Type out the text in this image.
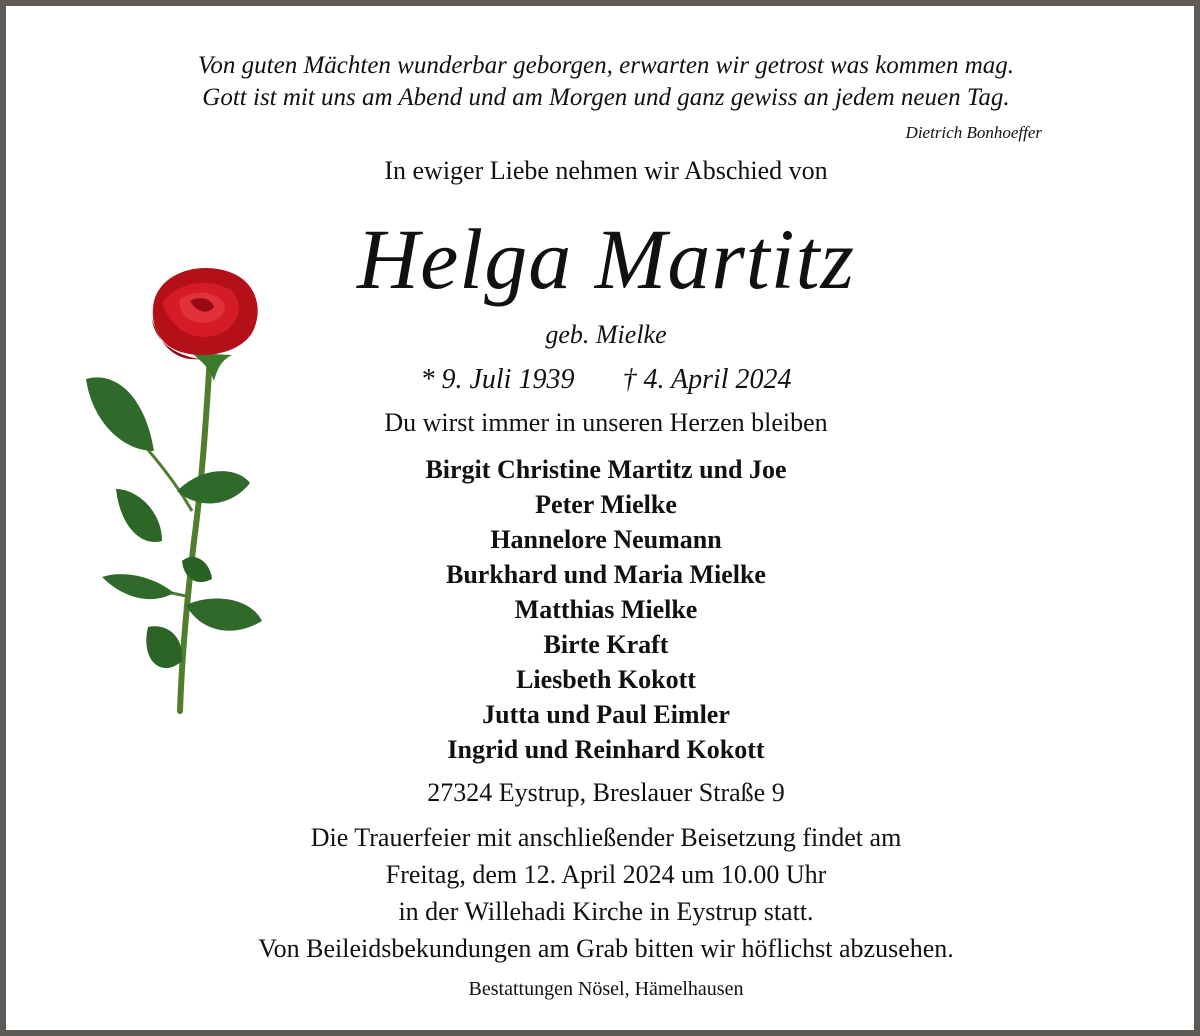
Von guten Mächten wunderbar geborgen, erwarten wir getrost was kommen mag.
Gott ist mit uns am Abend und am Morgen und ganz gewiss an jedem neuen Tag.
Dietrich Bonhoeffer
In ewiger Liebe nehmen wir Abschied von
Helga Martitz
geb. Mielke
* 9. Juli 1939 † 4. April 2024
Du wirst immer in unseren Herzen bleiben
Birgit Christine Martitz und Joe
Peter Mielke
Hannelore Neumann
Burkhard und Maria Mielke
Matthias Mielke
Birte Kraft
Liesbeth Kokott
Jutta und Paul Eimler
Ingrid und Reinhard Kokott
27324 Eystrup, Breslauer Straße 9
Die Trauerfeier mit anschließender Beisetzung findet am
Freitag, dem 12. April 2024 um 10.00 Uhr
in der Willehadi Kirche in Eystrup statt.
Von Beileidsbekundungen am Grab bitten wir höflichst abzusehen.
Bestattungen Nösel, Hämelhausen
